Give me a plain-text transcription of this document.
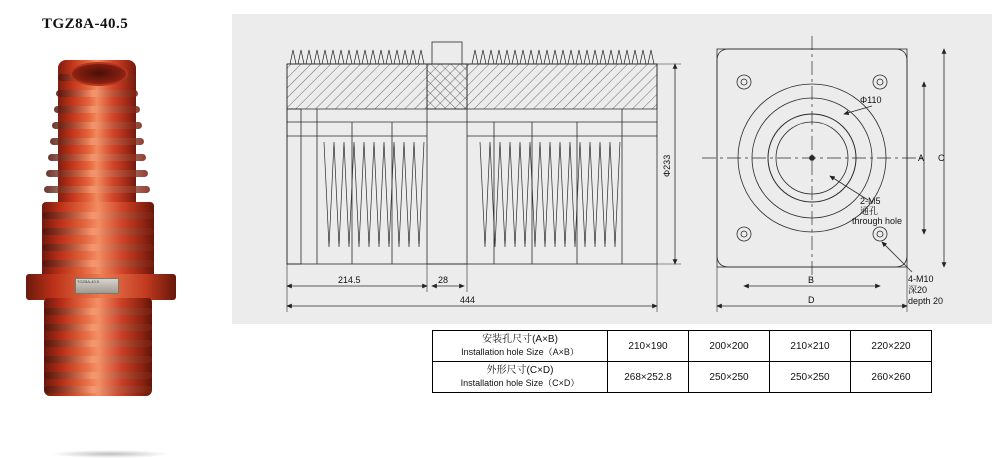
TGZ8A-40.5
TGZ8A-40.5	214.5	28
444
Φ233
Φ110
2-M5
通孔
through hole
4-M10
深20
depth 20
A C
B
D
安装孔尺寸(A×B)
Installation hole Size（A×B）	210×190	200×200	210×210	220×220

外形尺寸(C×D)
Installation hole Size（C×D）	268×252.8	250×250	250×250	260×260
